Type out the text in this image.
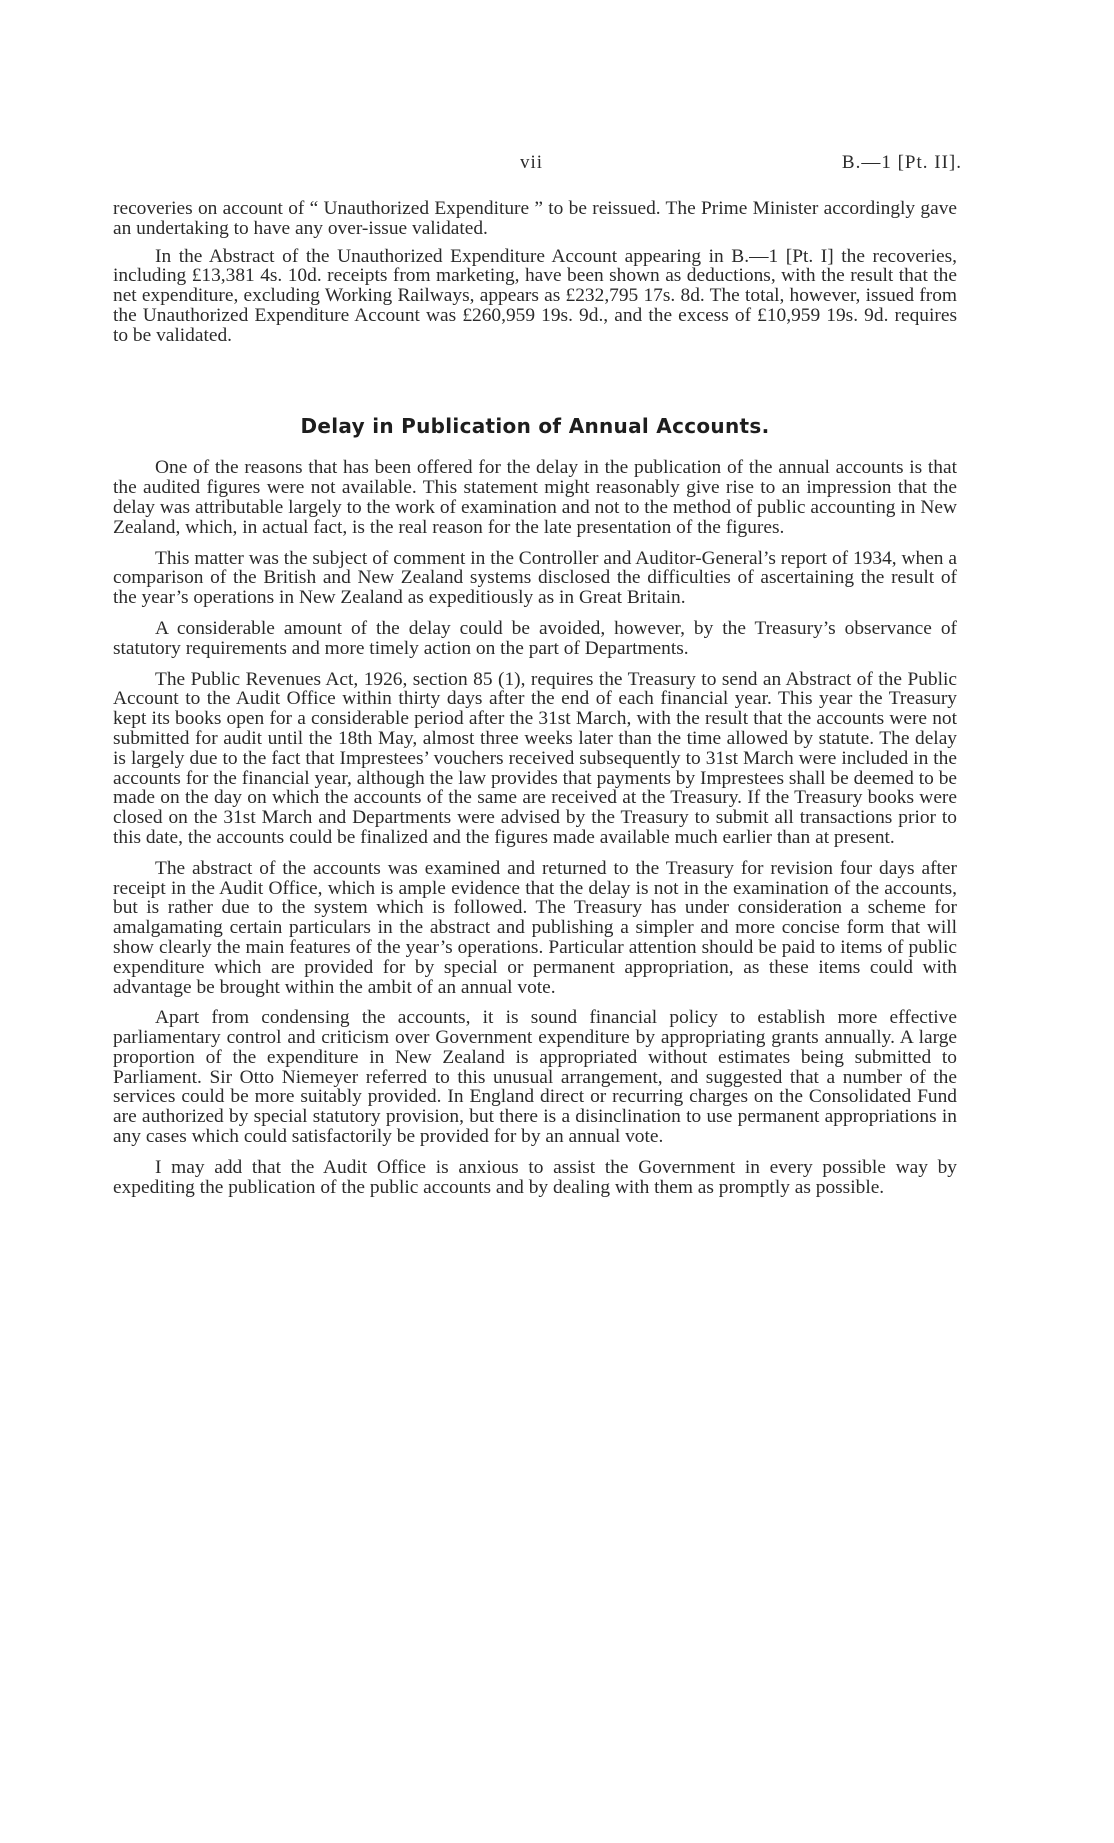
vii	B.—1 [Pt. II].

recoveries on account of “ Unauthorized Expenditure ” to be reissued. The Prime Minister accordingly gave an undertaking to have any over-issue validated.

In the Abstract of the Unauthorized Expenditure Account appearing in B.—1 [Pt. I] the recoveries, including £13,381 4s. 10d. receipts from marketing, have been shown as deductions, with the result that the net expenditure, excluding Working Railways, appears as £232,795 17s. 8d. The total, however, issued from the Unauthorized Expenditure Account was £260,959 19s. 9d., and the excess of £10,959 19s. 9d. requires to be validated.

Delay in Publication of Annual Accounts.

One of the reasons that has been offered for the delay in the publication of the annual accounts is that the audited figures were not available. This statement might reasonably give rise to an impression that the delay was attributable largely to the work of examination and not to the method of public accounting in New Zealand, which, in actual fact, is the real reason for the late presentation of the figures.

This matter was the subject of comment in the Controller and Auditor-General’s report of 1934, when a comparison of the British and New Zealand systems disclosed the difficulties of ascertaining the result of the year’s operations in New Zealand as expeditiously as in Great Britain.

A considerable amount of the delay could be avoided, however, by the Treasury’s observance of statutory requirements and more timely action on the part of Departments.

The Public Revenues Act, 1926, section 85 (1), requires the Treasury to send an Abstract of the Public Account to the Audit Office within thirty days after the end of each financial year. This year the Treasury kept its books open for a considerable period after the 31st March, with the result that the accounts were not submitted for audit until the 18th May, almost three weeks later than the time allowed by statute. The delay is largely due to the fact that Imprestees’ vouchers received subsequently to 31st March were included in the accounts for the financial year, although the law provides that payments by Imprestees shall be deemed to be made on the day on which the accounts of the same are received at the Treasury. If the Treasury books were closed on the 31st March and Departments were advised by the Treasury to submit all transactions prior to this date, the accounts could be finalized and the figures made available much earlier than at present.

The abstract of the accounts was examined and returned to the Treasury for revision four days after receipt in the Audit Office, which is ample evidence that the delay is not in the examination of the accounts, but is rather due to the system which is followed. The Treasury has under consideration a scheme for amalgamating certain particulars in the abstract and publishing a simpler and more concise form that will show clearly the main features of the year’s operations. Particular attention should be paid to items of public expenditure which are provided for by special or permanent appropriation, as these items could with advantage be brought within the ambit of an annual vote.

Apart from condensing the accounts, it is sound financial policy to establish more effective parliamentary control and criticism over Government expenditure by appropriating grants annually. A large proportion of the expenditure in New Zealand is appropriated without estimates being submitted to Parliament. Sir Otto Niemeyer referred to this unusual arrangement, and suggested that a number of the services could be more suitably provided. In England direct or recurring charges on the Consolidated Fund are authorized by special statutory provision, but there is a disinclination to use permanent appropriations in any cases which could satisfactorily be provided for by an annual vote.

I may add that the Audit Office is anxious to assist the Government in every possible way by expediting the publication of the public accounts and by dealing with them as promptly as possible.
